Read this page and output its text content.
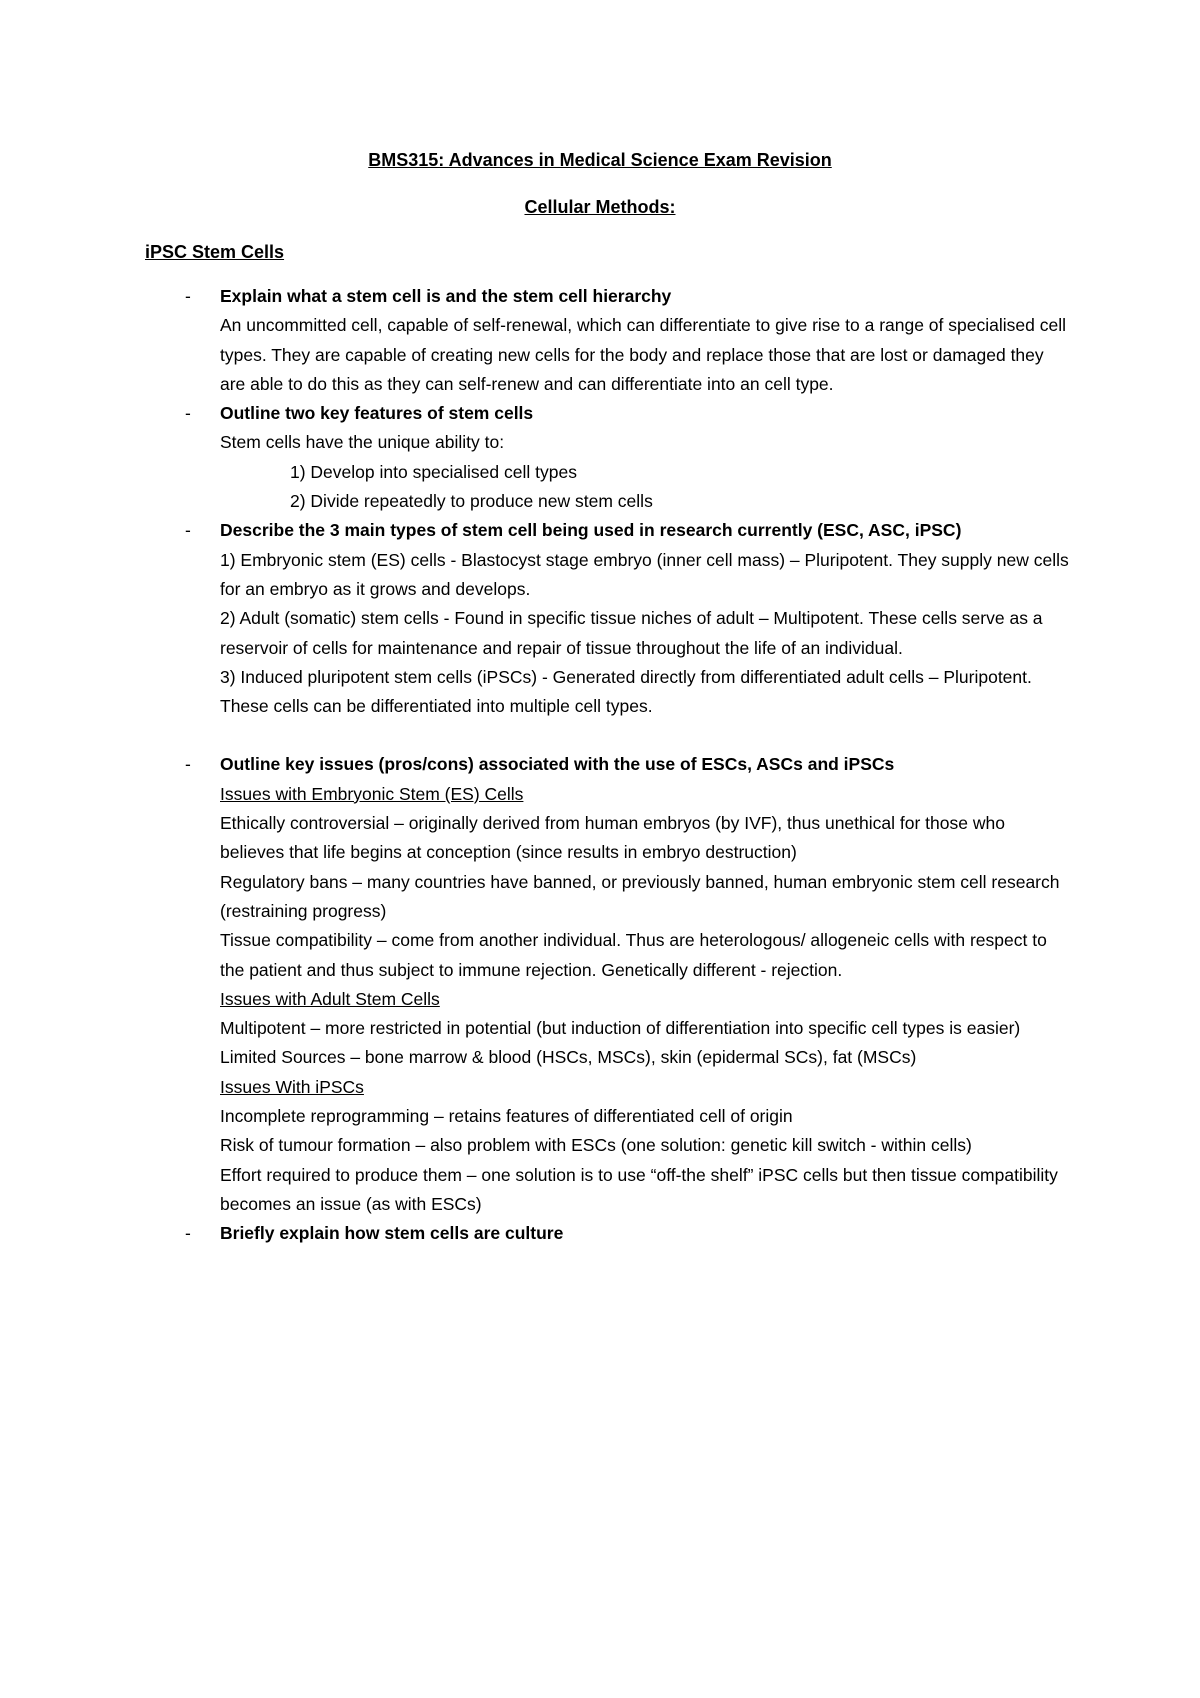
BMS315: Advances in Medical Science Exam Revision

Cellular Methods:

iPSC Stem Cells

- Explain what a stem cell is and the stem cell hierarchy

An uncommitted cell, capable of self-renewal, which can differentiate to give rise to a range of specialised cell types. They are capable of creating new cells for the body and replace those that are lost or damaged they are able to do this as they can self-renew and can differentiate into an cell type.

- Outline two key features of stem cells

Stem cells have the unique ability to:

1) Develop into specialised cell types

2) Divide repeatedly to produce new stem cells

- Describe the 3 main types of stem cell being used in research currently (ESC, ASC, iPSC)

1) Embryonic stem (ES) cells - Blastocyst stage embryo (inner cell mass) – Pluripotent. They supply new cells for an embryo as it grows and develops.

2) Adult (somatic) stem cells - Found in specific tissue niches of adult – Multipotent. These cells serve as a reservoir of cells for maintenance and repair of tissue throughout the life of an individual.

3) Induced pluripotent stem cells (iPSCs) - Generated directly from differentiated adult cells – Pluripotent. These cells can be differentiated into multiple cell types.

- Outline key issues (pros/cons) associated with the use of ESCs, ASCs and iPSCs

Issues with Embryonic Stem (ES) Cells

Ethically controversial – originally derived from human embryos (by IVF), thus unethical for those who believes that life begins at conception (since results in embryo destruction)

Regulatory bans – many countries have banned, or previously banned, human embryonic stem cell research (restraining progress)

Tissue compatibility – come from another individual. Thus are heterologous/ allogeneic cells with respect to the patient and thus subject to immune rejection. Genetically different - rejection.

Issues with Adult Stem Cells

Multipotent – more restricted in potential (but induction of differentiation into specific cell types is easier)

Limited Sources – bone marrow & blood (HSCs, MSCs), skin (epidermal SCs), fat (MSCs)

Issues With iPSCs

Incomplete reprogramming – retains features of differentiated cell of origin

Risk of tumour formation – also problem with ESCs (one solution: genetic kill switch - within cells)

Effort required to produce them – one solution is to use “off-the shelf” iPSC cells but then tissue compatibility becomes an issue (as with ESCs)

- Briefly explain how stem cells are culture
